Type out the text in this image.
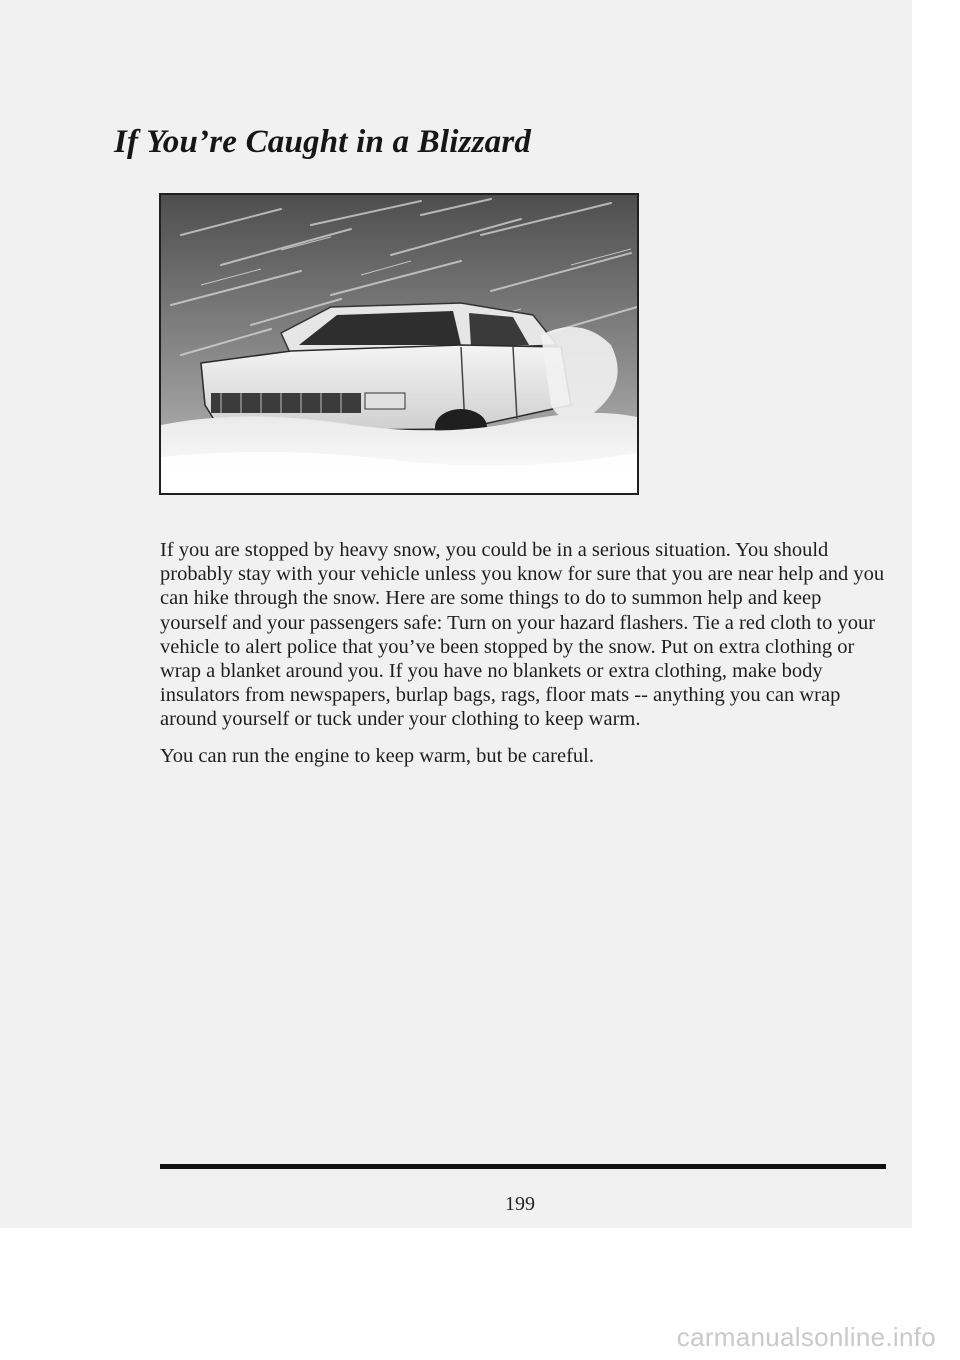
If You’re Caught in a Blizzard

If you are stopped by heavy snow, you could be in a serious situation. You should probably stay with your vehicle unless you know for sure that you are near help and you can hike through the snow. Here are some things to do to summon help and keep yourself and your passengers safe: Turn on your hazard flashers. Tie a red cloth to your vehicle to alert police that you’ve been stopped by the snow. Put on extra clothing or wrap a blanket around you. If you have no blankets or extra clothing, make body insulators from newspapers, burlap bags, rags, floor mats -- anything you can wrap around yourself or tuck under your clothing to keep warm.

You can run the engine to keep warm, but be careful.

199
carmanualsonline.info
